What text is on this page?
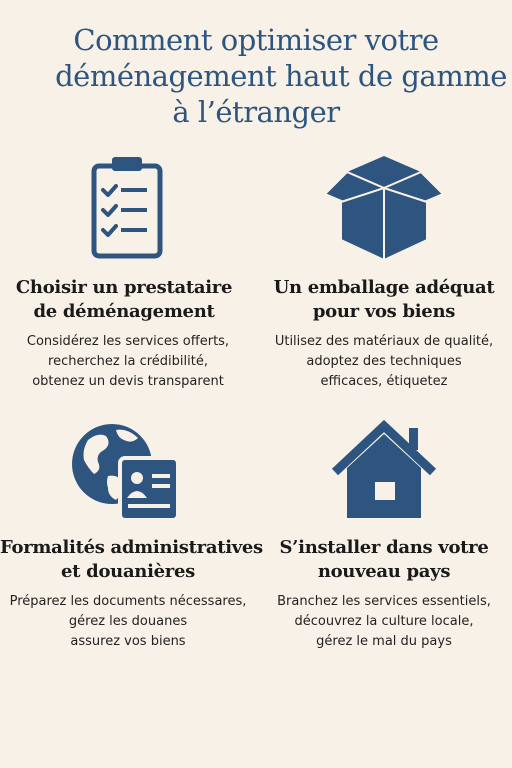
Comment optimiser votre
déménagement haut de gamme
à l’étranger
Choisir un prestataire
de déménagement

Considérez les services offerts,
recherchez la crédibilité,
obtenez un devis transparent

Un emballage adéquat
pour vos biens

Utilisez des matériaux de qualité,
adoptez des techniques
efficaces, étiquetez

Formalités administratives
et douanières

Préparez les documents nécessares,
gérez les douanes
assurez vos biens

S’installer dans votre
nouveau pays

Branchez les services essentiels,
découvrez la culture locale,
gérez le mal du pays
